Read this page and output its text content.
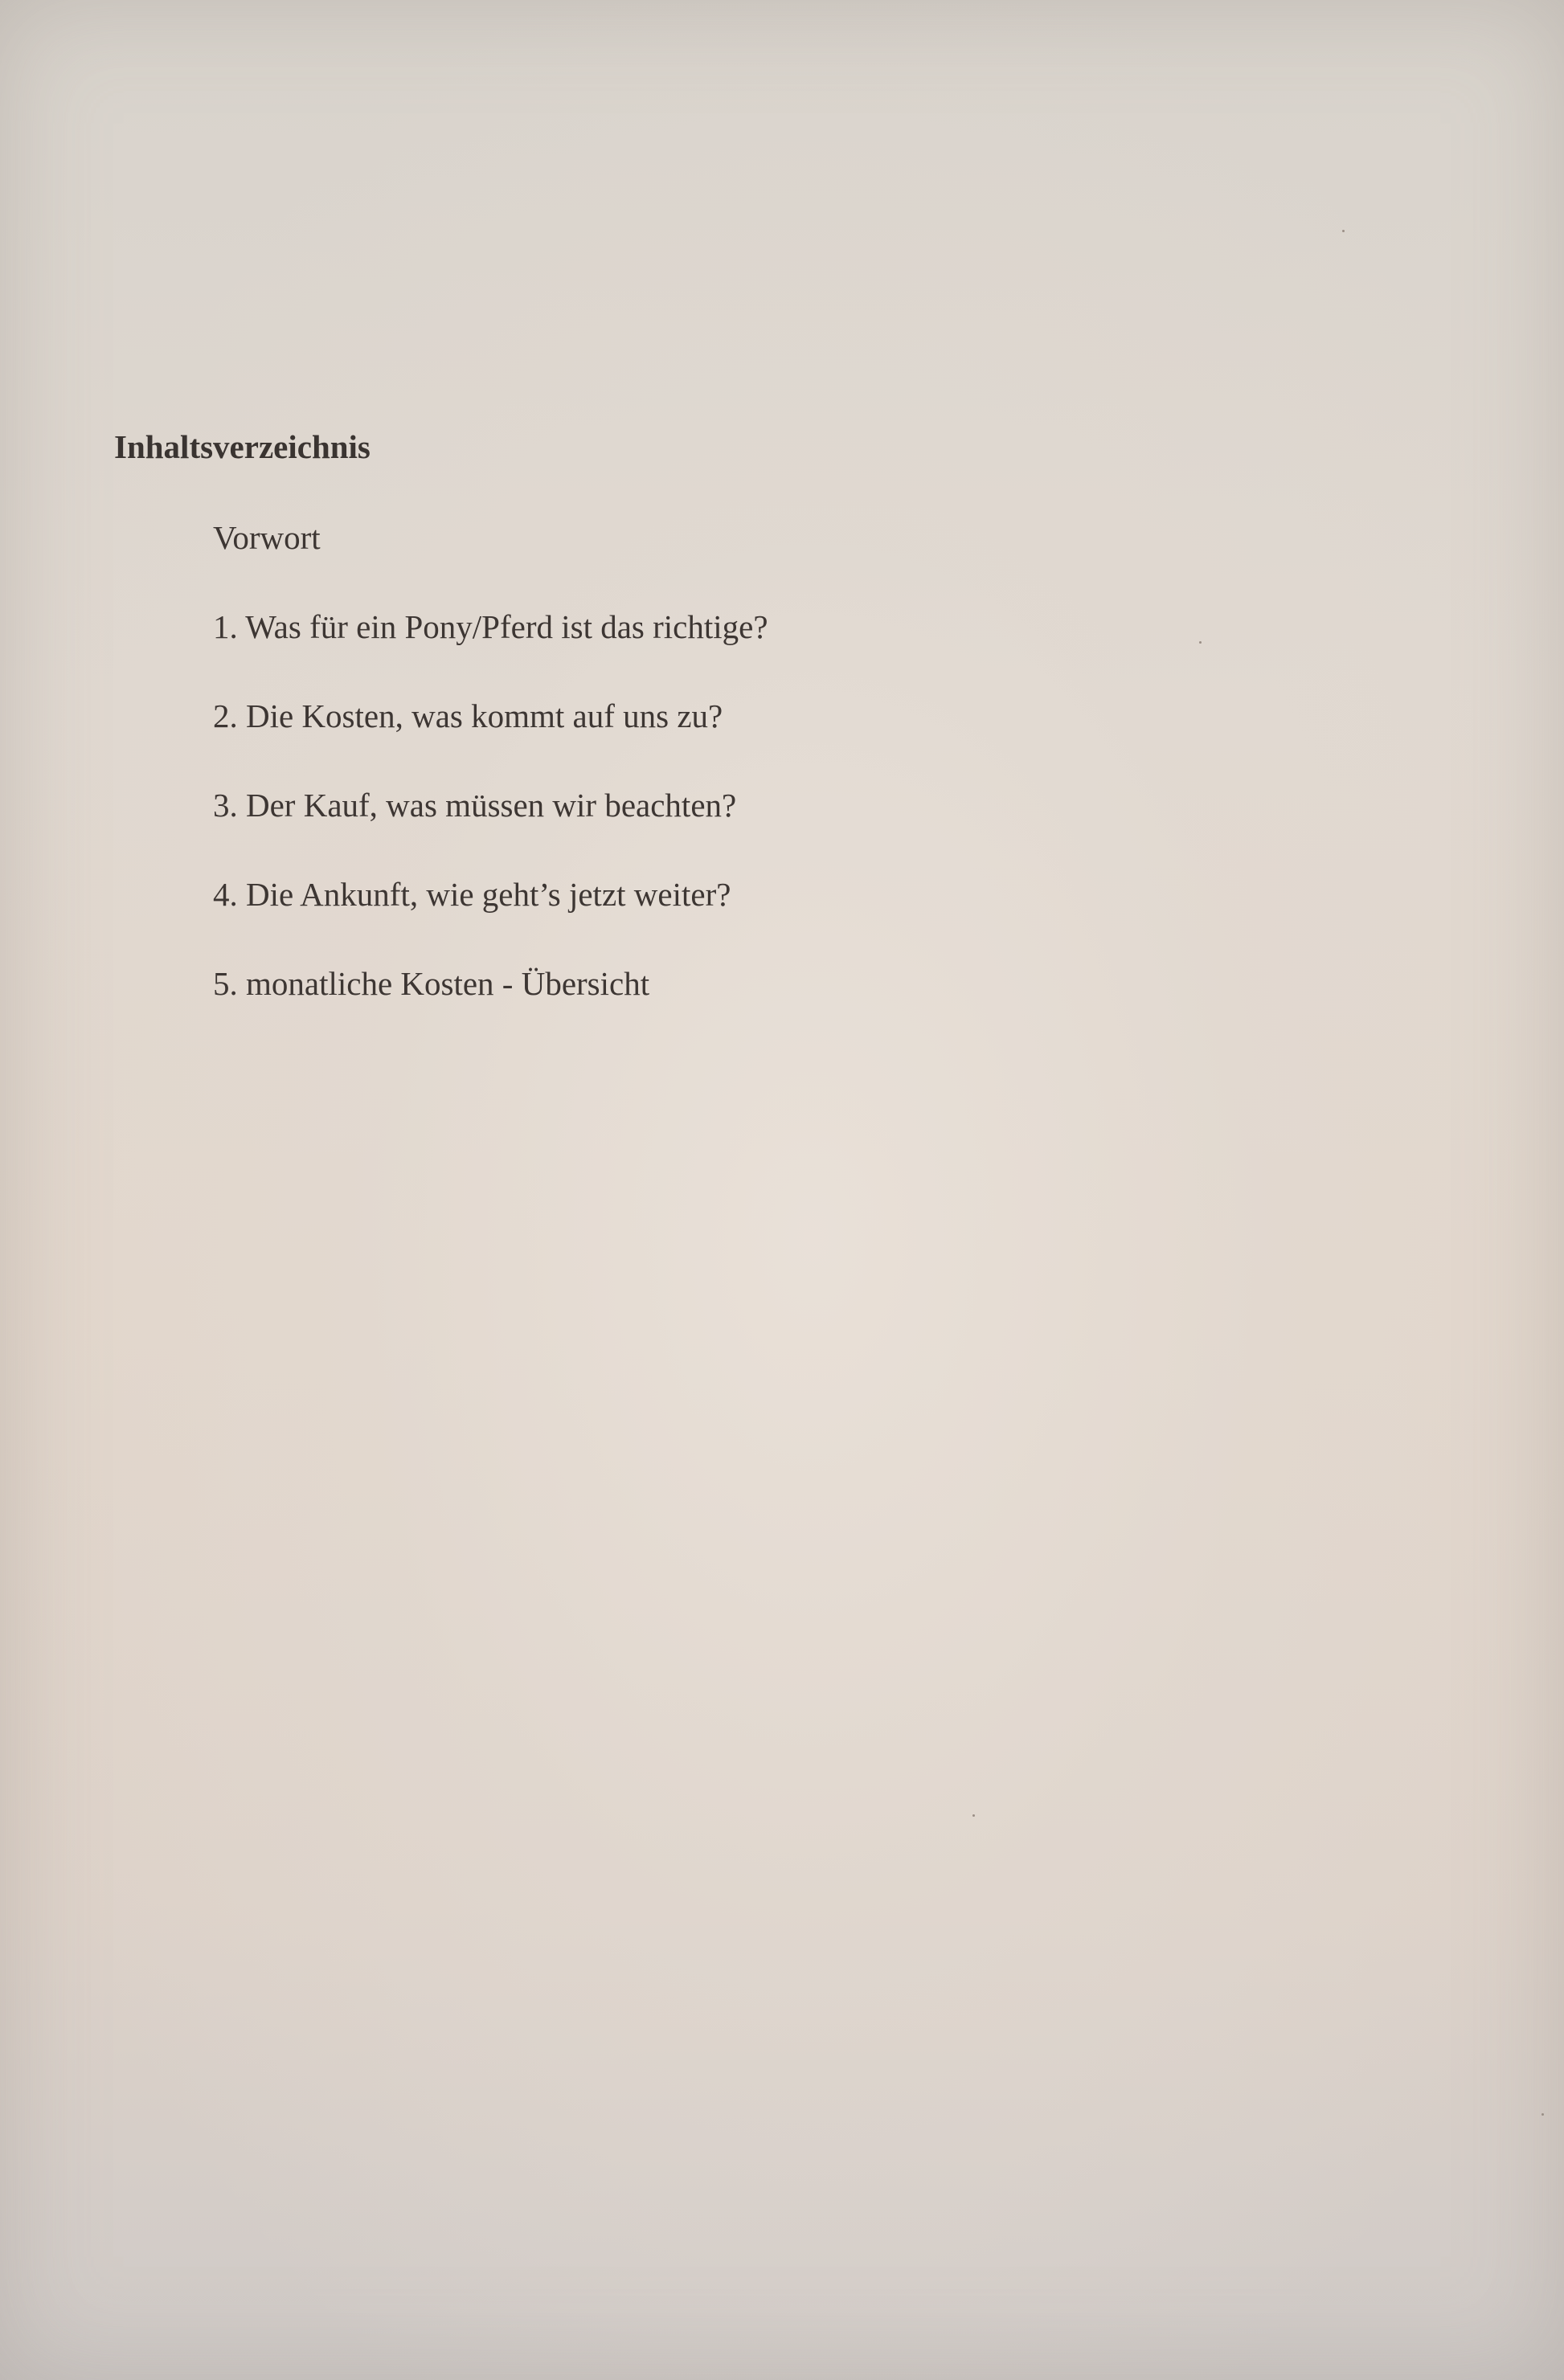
Inhaltsverzeichnis
Vorwort
1. Was für ein Pony/Pferd ist das richtige?
2. Die Kosten, was kommt auf uns zu?
3. Der Kauf, was müssen wir beachten?
4. Die Ankunft, wie geht’s jetzt weiter?
5. monatliche Kosten - Übersicht
